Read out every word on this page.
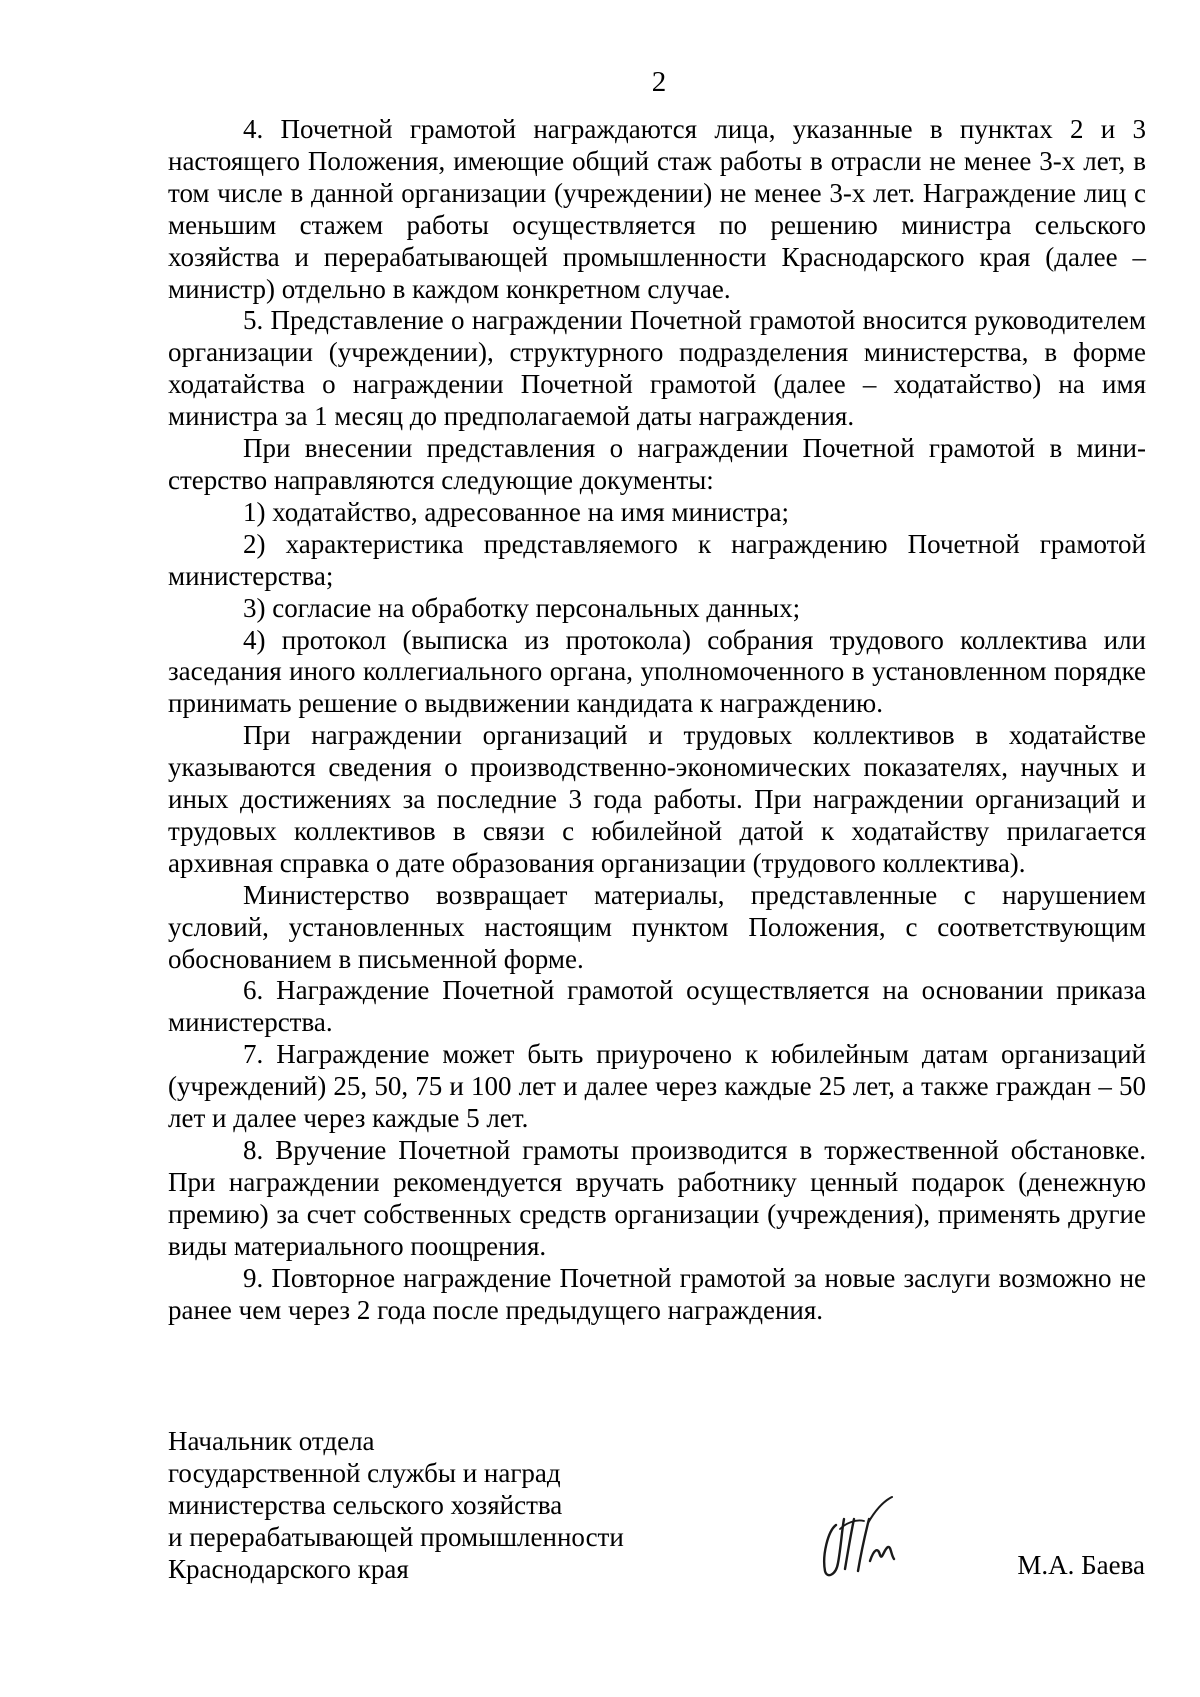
2

4. Почетной грамотой награждаются лица, указанные в пунктах 2 и 3 настоящего Положения, имеющие общий стаж работы в отрасли не менее 3-х лет, в том числе в данной организации (учреждении) не менее 3-х лет. Награждение лиц с меньшим стажем работы осуществляется по решению министра сельского хозяйства и перерабатывающей промышленности Краснодарского края (далее – министр) отдельно в каждом конкретном случае.

5. Представление о награждении Почетной грамотой вносится руководителем организации (учреждении), структурного подразделения министерства, в форме ходатайства о награждении Почетной грамотой (далее – ходатайство) на имя министра за 1 месяц до предполагаемой даты награждения.

При внесении представления о награждении Почетной грамотой в министерство направляются следующие документы:

1) ходатайство, адресованное на имя министра;

2) характеристика представляемого к награждению Почетной грамотой министерства;

3) согласие на обработку персональных данных;

4) протокол (выписка из протокола) собрания трудового коллектива или заседания иного коллегиального органа, уполномоченного в установленном порядке принимать решение о выдвижении кандидата к награждению.

При награждении организаций и трудовых коллективов в ходатайстве указываются сведения о производственно-экономических показателях, научных и иных достижениях за последние 3 года работы. При награждении организаций и трудовых коллективов в связи с юбилейной датой к ходатайству прилагается архивная справка о дате образования организации (трудового коллектива).

Министерство возвращает материалы, представленные с нарушением условий, установленных настоящим пунктом Положения, с соответствующим обоснованием в письменной форме.

6. Награждение Почетной грамотой осуществляется на основании приказа министерства.

7. Награждение может быть приурочено к юбилейным датам организаций (учреждений) 25, 50, 75 и 100 лет и далее через каждые 25 лет, а также граждан – 50 лет и далее через каждые 5 лет.

8. Вручение Почетной грамоты производится в торжественной обстановке. При награждении рекомендуется вручать работнику ценный подарок (денежную премию) за счет собственных средств организации (учреждения), применять другие виды материального поощрения.

9. Повторное награждение Почетной грамотой за новые заслуги возможно не ранее чем через 2 года после предыдущего награждения.

Начальник отдела
государственной службы и наград
министерства сельского хозяйства
и перерабатывающей промышленности
Краснодарского края	М.А. Баева
